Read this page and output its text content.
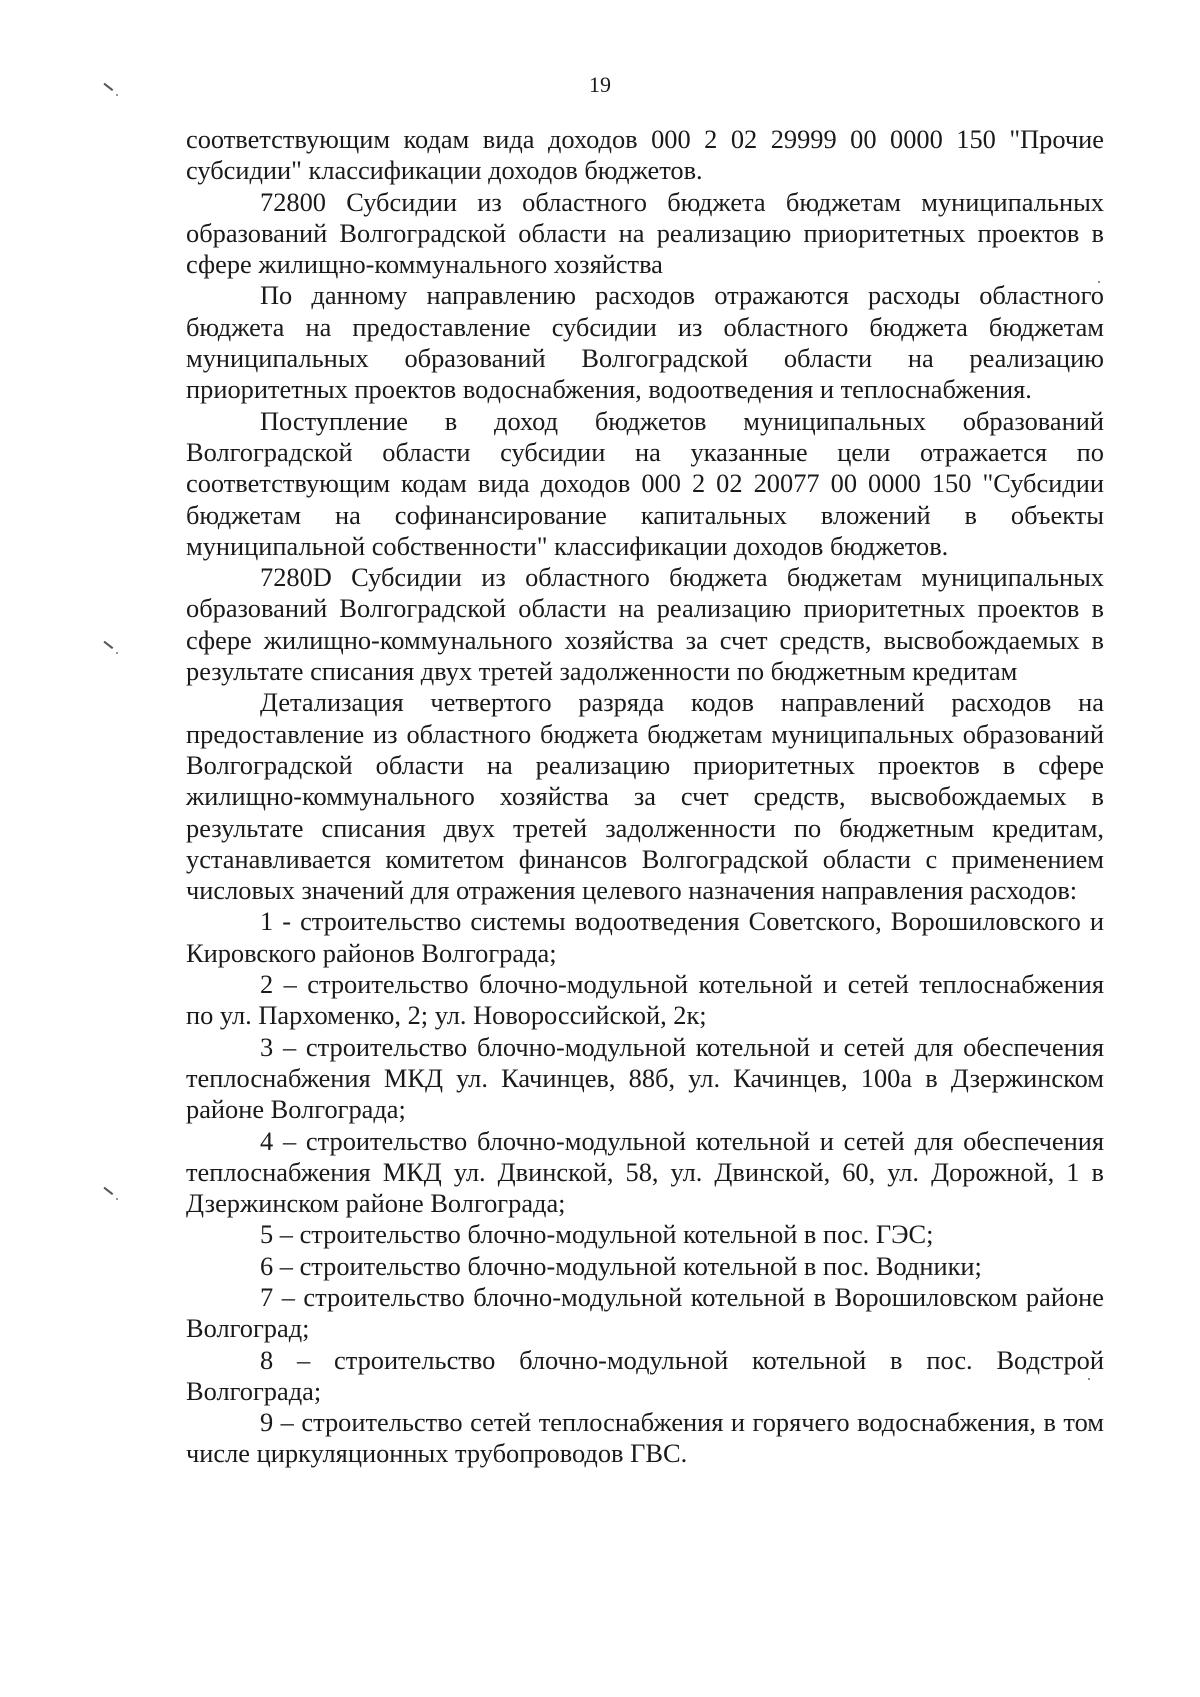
19

соответствующим кодам вида доходов 000 2 02 29999 00 0000 150 "Прочие субсидии" классификации доходов бюджетов.

72800 Субсидии из областного бюджета бюджетам муниципальных образований Волгоградской области на реализацию приоритетных проектов в сфере жилищно-коммунального хозяйства

По данному направлению расходов отражаются расходы областного бюджета на предоставление субсидии из областного бюджета бюджетам муниципальных образований Волгоградской области на реализацию приоритетных проектов водоснабжения, водоотведения и теплоснабжения.

Поступление в доход бюджетов муниципальных образований Волгоградской области субсидии на указанные цели отражается по соответствующим кодам вида доходов 000 2 02 20077 00 0000 150 "Субсидии бюджетам на софинансирование капитальных вложений в объекты муниципальной собственности" классификации доходов бюджетов.

7280D Субсидии из областного бюджета бюджетам муниципальных образований Волгоградской области на реализацию приоритетных проектов в сфере жилищно-коммунального хозяйства за счет средств, высвобождаемых в результате списания двух третей задолженности по бюджетным кредитам

Детализация четвертого разряда кодов направлений расходов на предоставление из областного бюджета бюджетам муниципальных образований Волгоградской области на реализацию приоритетных проектов в сфере жилищно-коммунального хозяйства за счет средств, высвобождаемых в результате списания двух третей задолженности по бюджетным кредитам, устанавливается комитетом финансов Волгоградской области с применением числовых значений для отражения целевого назначения направления расходов:

1 - строительство системы водоотведения Советского, Ворошиловского и Кировского районов Волгограда;

2 – строительство блочно-модульной котельной и сетей теплоснабжения по ул. Пархоменко, 2; ул. Новороссийской, 2к;

3 – строительство блочно-модульной котельной и сетей для обеспечения теплоснабжения МКД ул. Качинцев, 88б, ул. Качинцев, 100а в Дзержинском районе Волгограда;

4 – строительство блочно-модульной котельной и сетей для обеспечения теплоснабжения МКД ул. Двинской, 58, ул. Двинской, 60, ул. Дорожной, 1 в Дзержинском районе Волгограда;

5 – строительство блочно-модульной котельной в пос. ГЭС;

6 – строительство блочно-модульной котельной в пос. Водники;

7 – строительство блочно-модульной котельной в Ворошиловском районе Волгоград;

8 – строительство блочно-модульной котельной в пос. Водстрой Волгограда;

9 – строительство сетей теплоснабжения и горячего водоснабжения, в том числе циркуляционных трубопроводов ГВС.
